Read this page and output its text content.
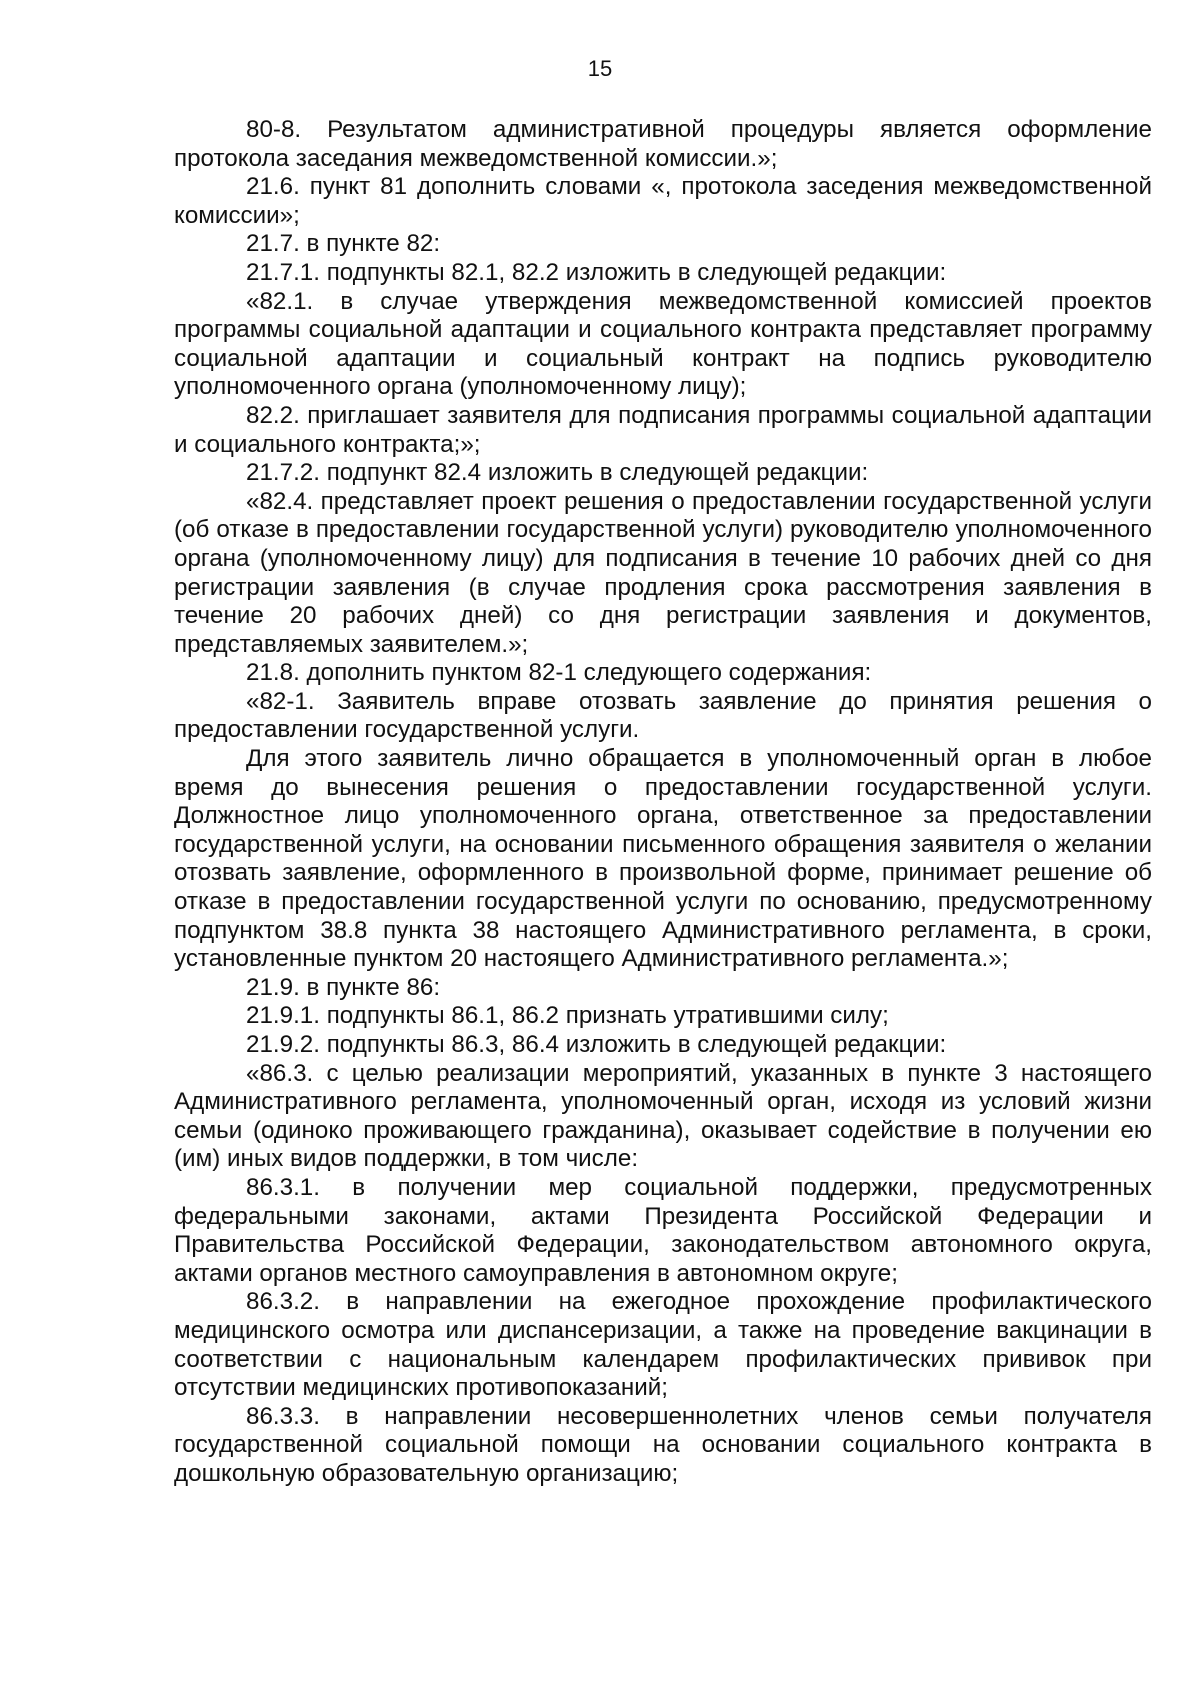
15

80-8. Результатом административной процедуры является оформление протокола заседания межведомственной комиссии.»;

21.6. пункт 81 дополнить словами «, протокола заседения межведомственной комиссии»;

21.7. в пункте 82:

21.7.1. подпункты 82.1, 82.2 изложить в следующей редакции:

«82.1. в случае утверждения межведомственной комиссией проектов программы социальной адаптации и социального контракта представляет программу социальной адаптации и социальный контракт на подпись руководителю уполномоченного органа (уполномоченному лицу);

82.2. приглашает заявителя для подписания программы социальной адаптации и социального контракта;»;

21.7.2. подпункт 82.4 изложить в следующей редакции:

«82.4. представляет проект решения о предоставлении государственной услуги (об отказе в предоставлении государственной услуги) руководителю уполномоченного органа (уполномоченному лицу) для подписания в течение 10 рабочих дней со дня регистрации заявления (в случае продления срока рассмотрения заявления в течение 20 рабочих дней) со дня регистрации заявления и документов, представляемых заявителем.»;

21.8. дополнить пунктом 82-1 следующего содержания:

«82-1. Заявитель вправе отозвать заявление до принятия решения о предоставлении государственной услуги.

Для этого заявитель лично обращается в уполномоченный орган в любое время до вынесения решения о предоставлении государственной услуги. Должностное лицо уполномоченного органа, ответственное за предоставлении государственной услуги, на основании письменного обращения заявителя о желании отозвать заявление, оформленного в произвольной форме, принимает решение об отказе в предоставлении государственной услуги по основанию, предусмотренному подпунктом 38.8 пункта 38 настоящего Административного регламента, в сроки, установленные пунктом 20 настоящего Административного регламента.»;

21.9. в пункте 86:

21.9.1. подпункты 86.1, 86.2 признать утратившими силу;

21.9.2. подпункты 86.3, 86.4 изложить в следующей редакции:

«86.3. с целью реализации мероприятий, указанных в пункте 3 настоящего Административного регламента, уполномоченный орган, исходя из условий жизни семьи (одиноко проживающего гражданина), оказывает содействие в получении ею (им) иных видов поддержки, в том числе:

86.3.1. в получении мер социальной поддержки, предусмотренных федеральными законами, актами Президента Российской Федерации и Правительства Российской Федерации, законодательством автономного округа, актами органов местного самоуправления в автономном округе;

86.3.2. в направлении на ежегодное прохождение профилактического медицинского осмотра или диспансеризации, а также на проведение вакцинации в соответствии с национальным календарем профилактических прививок при отсутствии медицинских противопоказаний;

86.3.3. в направлении несовершеннолетних членов семьи получателя государственной социальной помощи на основании социального контракта в дошкольную образовательную организацию;
